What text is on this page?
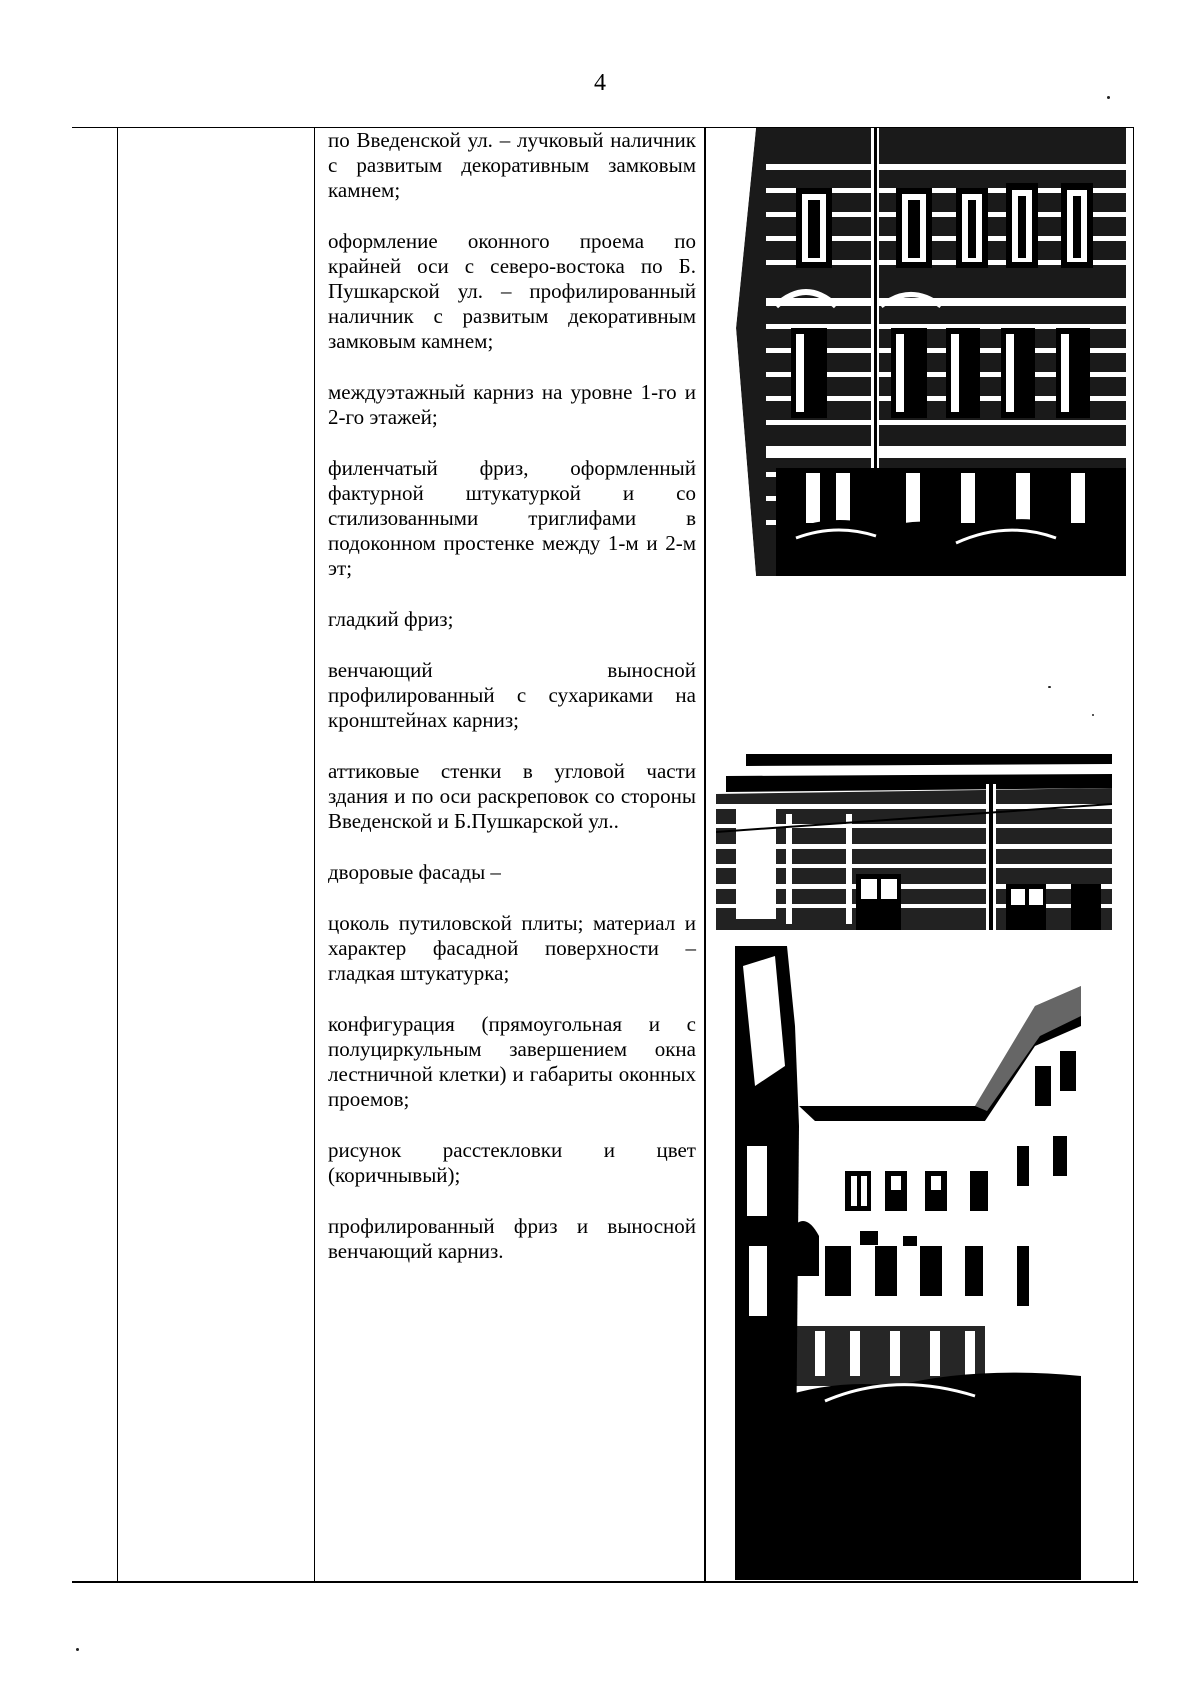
4

по Введенской ул. – лучковый наличник с развитым декоративным замковым камнем;

оформление оконного проема по крайней оси с северо-востока по Б. Пушкарской ул. – профилированный наличник с развитым декоративным замковым камнем;

междуэтажный карниз на уровне 1-го и 2-го этажей;

филенчатый фриз, оформленный фактурной штукатуркой и со стилизованными триглифами в подоконном простенке между 1-м и 2-м эт;

гладкий фриз;

венчающий выносной профилированный с сухариками на кронштейнах карниз;

аттиковые стенки в угловой части здания и по оси раскреповок со стороны Введенской и Б.Пушкарской ул..

дворовые фасады –

цоколь путиловской плиты; материал и характер фасадной поверхности – гладкая штукатурка;

конфигурация (прямоугольная и с полуциркульным завершением окна лестничной клетки) и габариты оконных проемов;

рисунок расстекловки и цвет (коричнывый);

профилированный фриз и выносной венчающий карниз.
